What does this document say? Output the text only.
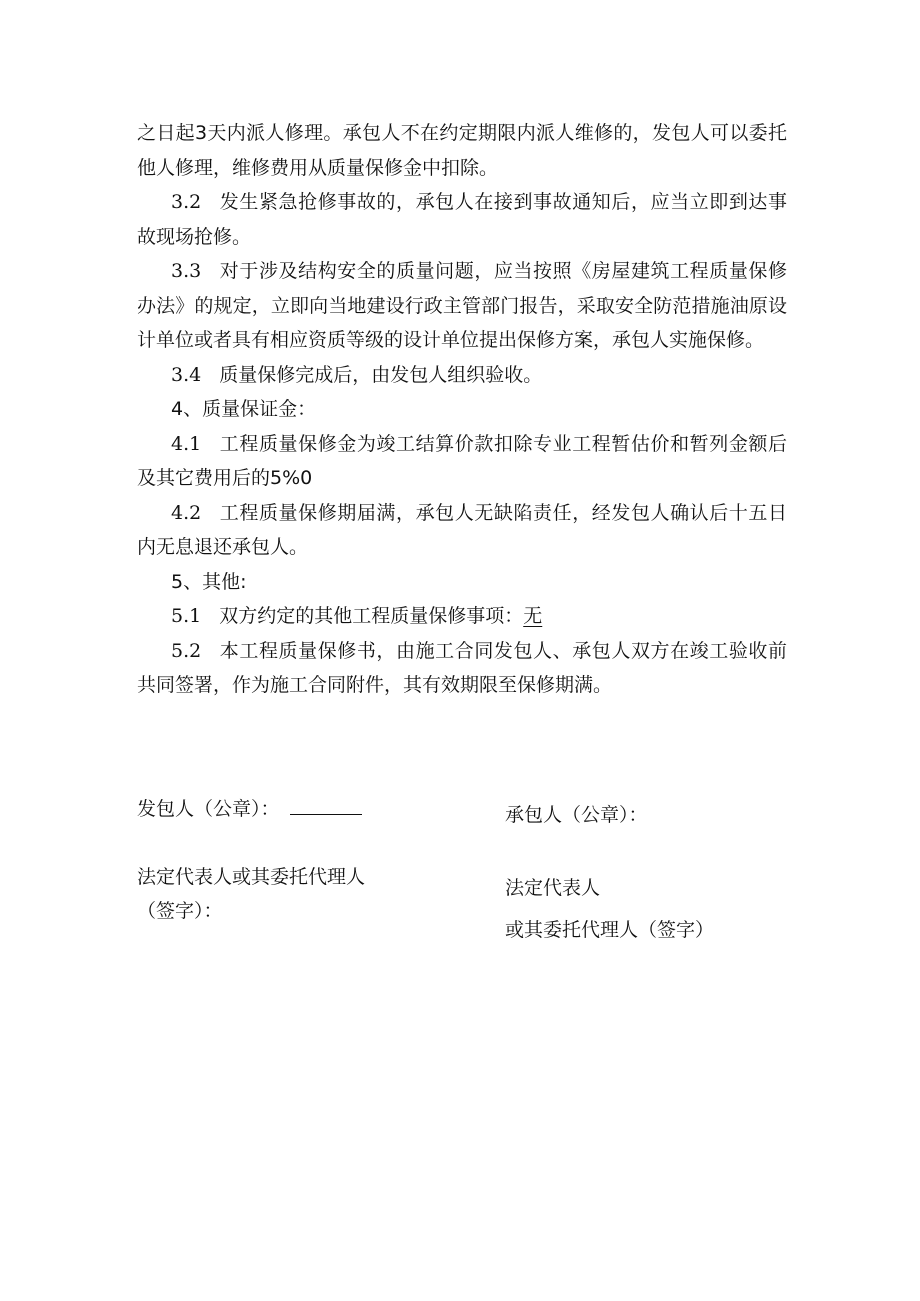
之日起3天内派人修理。承包人不在约定期限内派人维修的，发包人可以委托他人修理，维修费用从质量保修金中扣除。

3.2 发生紧急抢修事故的，承包人在接到事故通知后，应当立即到达事故现场抢修。

3.3 对于涉及结构安全的质量问题，应当按照《房屋建筑工程质量保修办法》的规定，立即向当地建设行政主管部门报告，采取安全防范措施油原设计单位或者具有相应资质等级的设计单位提出保修方案，承包人实施保修。

3.4 质量保修完成后，由发包人组织验收。

4、质量保证金：

4.1 工程质量保修金为竣工结算价款扣除专业工程暂估价和暂列金额后及其它费用后的5%0

4.2 工程质量保修期届满，承包人无缺陷责任，经发包人确认后十五日内无息退还承包人。

5、其他:

5.1 双方约定的其他工程质量保修事项：无

5.2 本工程质量保修书，由施工合同发包人、承包人双方在竣工验收前共同签署，作为施工合同附件，其有效期限至保修期满。

发包人（公章）：	承包人（公章）：
法定代表人或其委托代理人
（签字）：
法定代表人
或其委托代理人（签字）
